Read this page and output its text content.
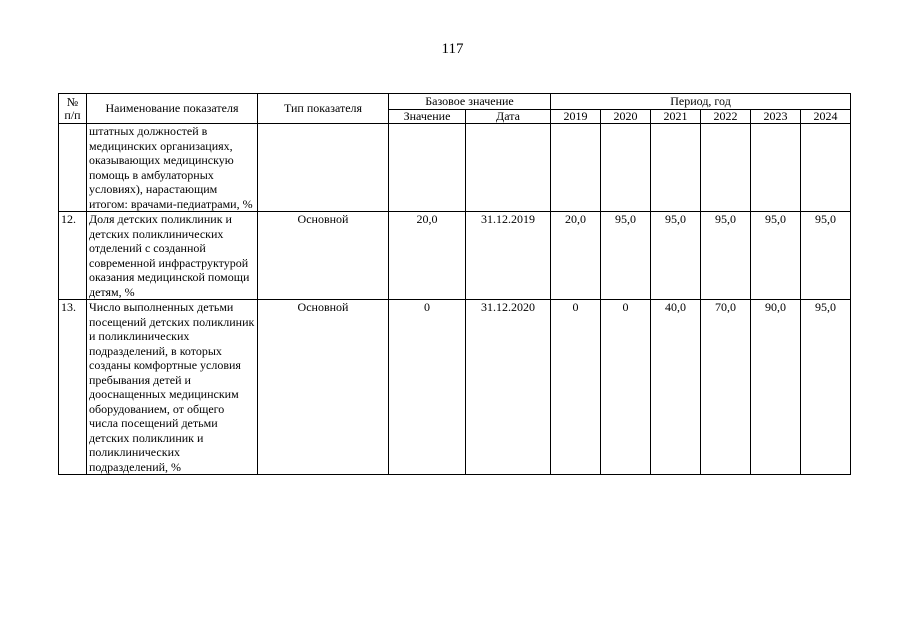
117
№
п/п	Наименование показателя	Тип показателя	Базовое значение		Период, год					
			Значение	Дата	2019	2020	2021	2022	2023	2024
	штатных должностей в медицинских организациях, оказывающих медицинскую помощь в амбулаторных условиях), нарастающим итогом: врачами-педиатрами, %									
12.	Доля детских поликлиник и детских поликлинических отделений с созданной современной инфраструктурой оказания медицинской помощи детям, %	Основной	20,0	31.12.2019	20,0	95,0	95,0	95,0	95,0	95,0
13.	Число выполненных детьми посещений детских поликлиник и поликлинических подразделений, в которых созданы комфортные условия пребывания детей и дооснащенных медицинским оборудованием, от общего числа посещений детьми детских поликлиник и поликлинических подразделений, %	Основной	0	31.12.2020	0	0	40,0	70,0	90,0	95,0
